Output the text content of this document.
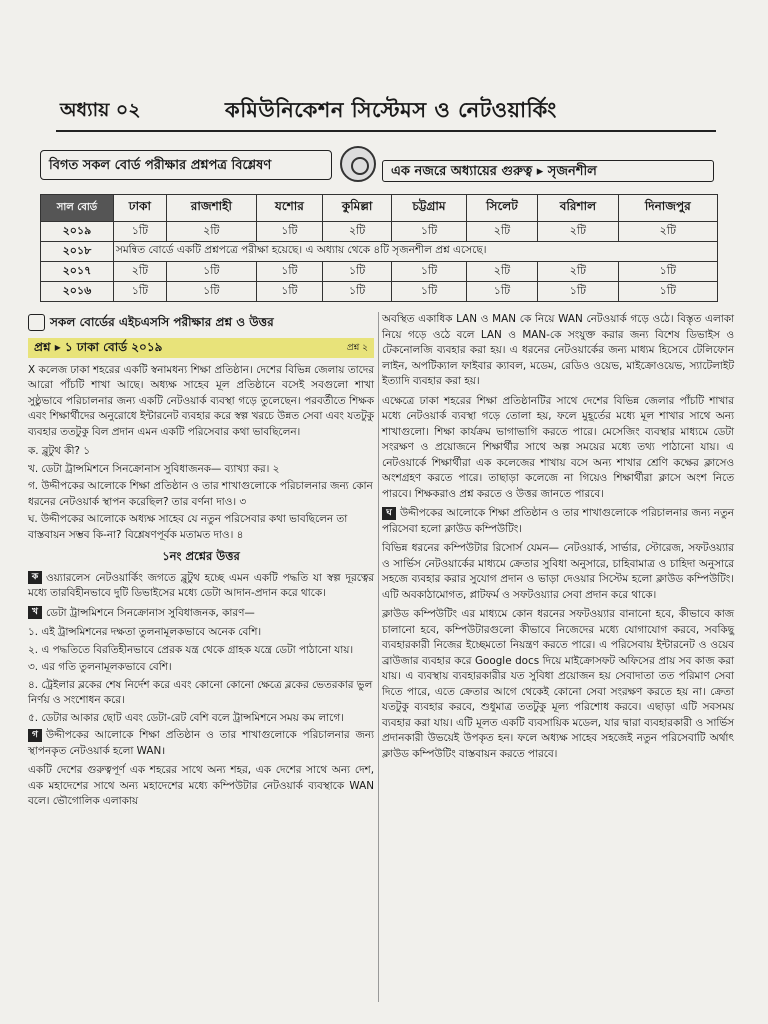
অধ্যায় ০২	কমিউনিকেশন সিস্টেমস ও নেটওয়ার্কিং
বিগত সকল বোর্ড পরীক্ষার প্রশ্নপত্র বিশ্লেষণ	এক নজরে অধ্যায়ের গুরুত্ব ▸ সৃজনশীল
সাল বোর্ড	ঢাকা	রাজশাহী	যশোর	কুমিল্লা	চট্টগ্রাম	সিলেট	বরিশাল	দিনাজপুর
২০১৯	১টি	২টি	১টি	২টি	১টি	২টি	২টি	২টি
২০১৮	সমন্বিত বোর্ডে একটি প্রশ্নপত্রে পরীক্ষা হয়েছে। এ অধ্যায় থেকে ৪টি সৃজনশীল প্রশ্ন এসেছে।							
২০১৭	২টি	১টি	১টি	১টি	১টি	২টি	২টি	১টি
২০১৬	১টি	১টি	১টি	১টি	১টি	১টি	১টি	১টি
সকল বোর্ডের এইচএসসি পরীক্ষার প্রশ্ন ও উত্তর
প্রশ্ন ▸ ১ ঢাকা বোর্ড ২০১৯	প্রশ্ন ২

X কলেজ ঢাকা শহরের একটি স্বনামধন্য শিক্ষা প্রতিষ্ঠান। দেশের বিভিন্ন জেলায় তাদের আরো পাঁচটি শাখা আছে। অধ্যক্ষ সাহেব মূল প্রতিষ্ঠানে বসেই সবগুলো শাখা সুষ্ঠুভাবে পরিচালনার জন্য একটি নেটওয়ার্ক ব্যবস্থা গড়ে তুলেছেন। পরবর্তীতে শিক্ষক এবং শিক্ষার্থীদের অনুরোধে ইন্টারনেট ব্যবহার করে স্বল্প খরচে উন্নত সেবা এবং যতটুকু ব্যবহার ততটুকু বিল প্রদান এমন একটি পরিসেবার কথা ভাবছিলেন।

ক. ব্লুটুথ কী? ১
খ. ডেটা ট্রান্সমিশনে সিনক্রোনাস সুবিধাজনক— ব্যাখ্যা কর। ২
গ. উদ্দীপকের আলোকে শিক্ষা প্রতিষ্ঠান ও তার শাখাগুলোকে পরিচালনার জন্য কোন ধরনের নেটওয়ার্ক স্থাপন করেছিল? তার বর্ণনা দাও। ৩
ঘ. উদ্দীপকের আলোকে অধ্যক্ষ সাহেব যে নতুন পরিসেবার কথা ভাবছিলেন তা বাস্তবায়ন সম্ভব কি-না? বিশ্লেষণপূর্বক মতামত দাও। ৪
১নং প্রশ্নের উত্তর

ক ওয়্যারলেস নেটওয়ার্কিং জগতে ব্লুটুথ হচ্ছে এমন একটি পদ্ধতি যা স্বল্প দূরত্বের মধ্যে তারবিহীনভাবে দুটি ডিভাইসের মধ্যে ডেটা আদান-প্রদান করে থাকে।

খ ডেটা ট্রান্সমিশনে সিনক্রোনাস সুবিধাজনক, কারণ—

১. এই ট্রান্সমিশনের দক্ষতা তুলনামূলকভাবে অনেক বেশি।
২. এ পদ্ধতিতে বিরতিহীনভাবে প্রেরক যন্ত্র থেকে গ্রাহক যন্ত্রে ডেটা পাঠানো যায়।
৩. এর গতি তুলনামূলকভাবে বেশি।
৪. ট্রেইলার ব্লকের শেষ নির্দেশ করে এবং কোনো কোনো ক্ষেত্রে ব্লকের ভেতরকার ভুল নির্ণয় ও সংশোধন করে।
৫. ডেটার আকার ছোট এবং ডেটা-রেট বেশি বলে ট্রান্সমিশনে সময় কম লাগে।

গ উদ্দীপকের আলোকে শিক্ষা প্রতিষ্ঠান ও তার শাখাগুলোকে পরিচালনার জন্য স্থাপনকৃত নেটওয়ার্ক হলো WAN।

একটি দেশের গুরুত্বপূর্ণ এক শহরের সাথে অন্য শহর, এক দেশের সাথে অন্য দেশ, এক মহাদেশের সাথে অন্য মহাদেশের মধ্যে কম্পিউটার নেটওয়ার্ক ব্যবস্থাকে WAN বলে। ভৌগোলিক এলাকায়

অবস্থিত একাধিক LAN ও MAN কে নিয়ে WAN নেটওয়ার্ক গড়ে ওঠে। বিস্তৃত এলাকা নিয়ে গড়ে ওঠে বলে LAN ও MAN-কে সংযুক্ত করার জন্য বিশেষ ডিভাইস ও টেকনোলজি ব্যবহার করা হয়। এ ধরনের নেটওয়ার্কের জন্য মাধ্যম হিসেবে টেলিফোন লাইন, অপটিক্যাল ফাইবার ক্যাবল, মডেম, রেডিও ওয়েভ, মাইক্রোওয়েভ, স্যাটেলাইট ইত্যাদি ব্যবহার করা হয়।

এক্ষেত্রে ঢাকা শহরের শিক্ষা প্রতিষ্ঠানটির সাথে দেশের বিভিন্ন জেলার পাঁচটি শাখার মধ্যে নেটওয়ার্ক ব্যবস্থা গড়ে তোলা হয়, ফলে মুহূর্তের মধ্যে মূল শাখার সাথে অন্য শাখাগুলো। শিক্ষা কার্যক্রম ভাগাভাগি করতে পারে। মেসেজিং ব্যবস্থার মাধ্যমে ডেটা সংরক্ষণ ও প্রয়োজনে শিক্ষার্থীর সাথে অল্প সময়ের মধ্যে তথ্য পাঠানো যায়। এ নেটওয়ার্কে শিক্ষার্থীরা এক কলেজের শাখায় বসে অন্য শাখার শ্রেণি কক্ষের ক্লাসেও অংশগ্রহণ করতে পারে। তাছাড়া কলেজে না গিয়েও শিক্ষার্থীরা ক্লাসে অংশ নিতে পারবে। শিক্ষকরাও প্রশ্ন করতে ও উত্তর জানতে পারবে।

ঘ উদ্দীপকের আলোকে শিক্ষা প্রতিষ্ঠান ও তার শাখাগুলোকে পরিচালনার জন্য নতুন পরিসেবা হলো ক্লাউড কম্পিউটিং।

বিভিন্ন ধরনের কম্পিউটার রিসোর্স যেমন— নেটওয়ার্ক, সার্ভার, স্টোরেজ, সফটওয়্যার ও সার্ভিস নেটওয়ার্কের মাধ্যমে ক্রেতার সুবিধা অনুসারে, চাহিবামাত্র ও চাহিদা অনুসারে সহজে ব্যবহার করার সুযোগ প্রদান ও ভাড়া দেওয়ার সিস্টেম হলো ক্লাউড কম্পিউটিং। এটি অবকাঠামোগত, প্লাটফর্ম ও সফটওয়্যার সেবা প্রদান করে থাকে।

ক্লাউড কম্পিউটিং এর মাধ্যমে কোন ধরনের সফটওয়্যার বানানো হবে, কীভাবে কাজ চালানো হবে, কম্পিউটারগুলো কীভাবে নিজেদের মধ্যে যোগাযোগ করবে, সবকিছু ব্যবহারকারী নিজের ইচ্ছেমতো নিয়ন্ত্রণ করতে পারে। এ পরিসেবায় ইন্টারনেট ও ওয়েব ব্রাউজার ব্যবহার করে Google docs দিয়ে মাইক্রোসফট অফিসের প্রায় সব কাজ করা যায়। এ ব্যবস্থায় ব্যবহারকারীর যত সুবিধা প্রয়োজন হয় সেবাদাতা তত পরিমাণ সেবা দিতে পারে, এতে ক্রেতার আগে থেকেই কোনো সেবা সংরক্ষণ করতে হয় না। ক্রেতা যতটুকু ব্যবহার করবে, শুধুমাত্র ততটুকু মূল্য পরিশোধ করবে। এছাড়া এটি সবসময় ব্যবহার করা যায়। এটি মূলত একটি ব্যবসায়িক মডেল, যার দ্বারা ব্যবহারকারী ও সার্ভিস প্রদানকারী উভয়েই উপকৃত হন। ফলে অধ্যক্ষ সাহেব সহজেই নতুন পরিসেবাটি অর্থাৎ ক্লাউড কম্পিউটিং বাস্তবায়ন করতে পারবে।
